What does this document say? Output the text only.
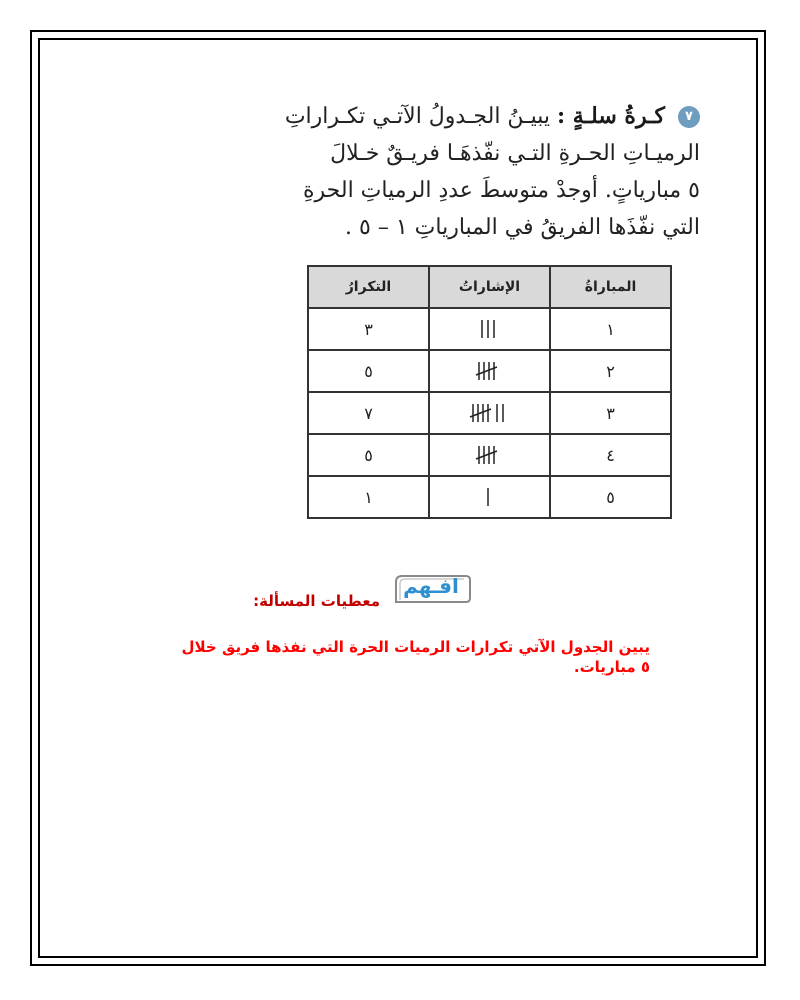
٧ كـرةُ سلـةٍ : يبيـنُ الجـدولُ الآتـي تكـراراتِ
الرميـاتِ الحـرةِ التـي نفّذهَـا فريـقٌ خـلالَ
٥ مبارياتٍ. أوجدْ متوسطَ عددِ الرمياتِ الحرةِ
التي نفّذَها الفريقُ في المبارياتِ ١ – ٥ .
المباراةُ	الإشاراتُ	التكرارُ
١		٣
٢		٥
٣		٧
٤		٥
٥		١
افـهم
معطيات المسألة:
يبين الجدول الآتي تكرارات الرميات الحرة التي نفذها فريق خلال
٥ مباريات.
